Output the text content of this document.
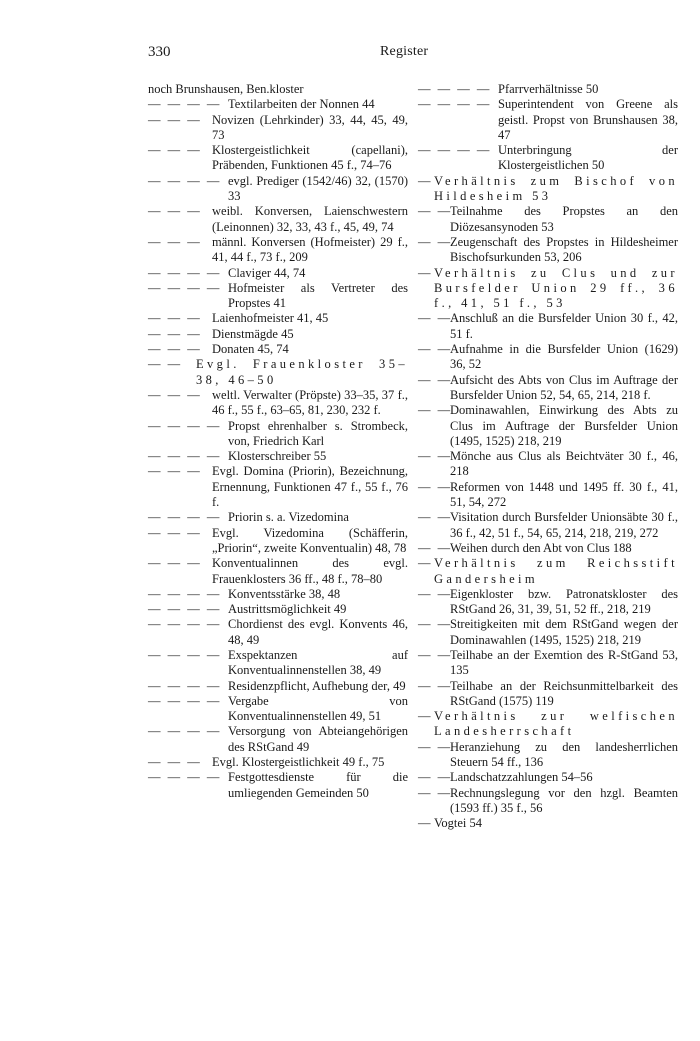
330	Register
noch Brunshausen, Ben.kloster
— — — — Textilarbeiten der Nonnen 44
— — — Novizen (Lehrkinder) 33, 44, 45, 49, 73
— — — Klostergeistlichkeit (capellani), Präbenden, Funktionen 45 f., 74–76
— — — — evgl. Prediger (1542/46) 32, (1570) 33
— — — weibl. Konversen, Laienschwestern (Leinonnen) 32, 33, 43 f., 45, 49, 74
— — — männl. Konversen (Hofmeister) 29 f., 41, 44 f., 73 f., 209
— — — — Claviger 44, 74
— — — — Hofmeister als Vertreter des Propstes 41
— — — Laienhofmeister 41, 45
— — — Dienstmägde 45
— — — Donaten 45, 74
— —	Evgl. Frauenkloster 35–38, 46–50
— — — weltl. Verwalter (Pröpste) 33–35, 37 f., 46 f., 55 f., 63–65, 81, 230, 232 f.
— — — — Propst ehrenhalber s. Strombeck, von, Friedrich Karl
— — — — Klosterschreiber 55
— — — Evgl. Domina (Priorin), Bezeichnung, Ernennung, Funktionen 47 f., 55 f., 76 f.
— — — — Priorin s. a. Vizedomina
— — — Evgl. Vizedomina (Schäfferin, „Priorin“, zweite Konventualin) 48, 78
— — — Konventualinnen des evgl. Frauenklosters 36 ff., 48 f., 78–80
— — — — Konventsstärke 38, 48
— — — — Austrittsmöglichkeit 49
— — — — Chordienst des evgl. Konvents 46, 48, 49
— — — — Exspektanzen auf Konventualinnenstellen 38, 49
— — — — Residenzpflicht, Aufhebung der, 49
— — — — Vergabe von Konventualinnenstellen 49, 51
— — — — Versorgung von Abteiangehörigen des RStGand 49
— — — Evgl. Klostergeistlichkeit 49 f., 75
— — — — Festgottesdienste für die umliegenden Gemeinden 50
— — — — Pfarrverhältnisse 50
— — — — Superintendent von Greene als geistl. Propst von Brunshausen 38, 47
— — — — Unterbringung der Klostergeistlichen 50
— Verhältnis zum Bischof von Hildesheim 53
— —
Teilnahme des Propstes an den Diözesansynoden 53
— —
Zeugenschaft des Propstes in Hildesheimer Bischofsurkunden 53, 206
— Verhältnis zu Clus und zur Bursfelder Union 29 ff., 36 f., 41, 51 f., 53
— —
Anschluß an die Bursfelder Union 30 f., 42, 51 f.
— —
Aufnahme in die Bursfelder Union (1629) 36, 52
— —
Aufsicht des Abts von Clus im Auftrage der Bursfelder Union 52, 54, 65, 214, 218 f.
— —
Dominawahlen, Einwirkung des Abts zu Clus im Auftrage der Bursfelder Union (1495, 1525) 218, 219
— —
Mönche aus Clus als Beichtväter 30 f., 46, 218
— —
Reformen von 1448 und 1495 ff. 30 f., 41, 51, 54, 272
— —
Visitation durch Bursfelder Unionsäbte 30 f., 36 f., 42, 51 f., 54, 65, 214, 218, 219, 272
— —
Weihen durch den Abt von Clus 188
— Verhältnis zum Reichsstift Gandersheim
— —
Eigenkloster bzw. Patronatskloster des RStGand 26, 31, 39, 51, 52 ff., 218, 219
— —
Streitigkeiten mit dem RStGand wegen der Dominawahlen (1495, 1525) 218, 219
— —
Teilhabe an der Exemtion des R-StGand 53, 135
— —
Teilhabe an der Reichsunmittelbarkeit des RStGand (1575) 119
— Verhältnis zur welfischen Landesherrschaft
— —
Heranziehung zu den landesherrlichen Steuern 54 ff., 136
— —
Landschatzzahlungen 54–56
— —
Rechnungslegung vor den hzgl. Beamten (1593 ff.) 35 f., 56
— Vogtei 54
